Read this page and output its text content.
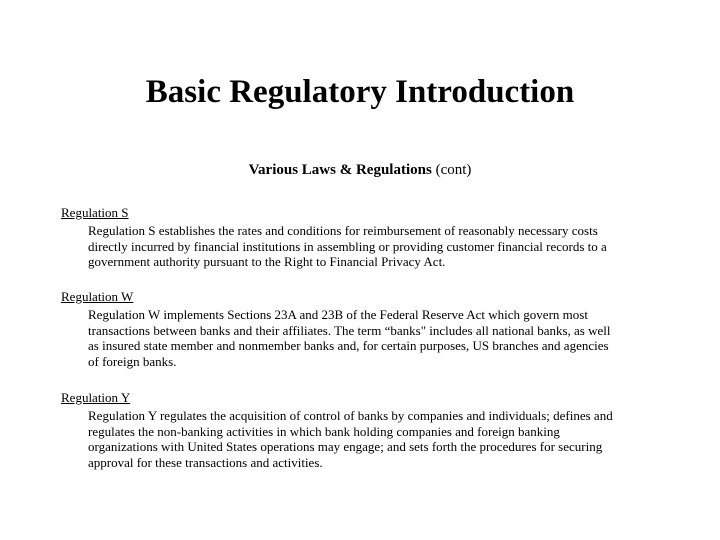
Basic Regulatory Introduction
Various Laws & Regulations (cont)
Regulation S
Regulation S establishes the rates and conditions for reimbursement of reasonably necessary costs
directly incurred by financial institutions in assembling or providing customer financial records to a
government authority pursuant to the Right to Financial Privacy Act.
Regulation W
Regulation W implements Sections 23A and 23B of the Federal Reserve Act which govern most
transactions between banks and their affiliates. The term “banks" includes all national banks, as well
as insured state member and nonmember banks and, for certain purposes, US branches and agencies
of foreign banks.
Regulation Y
Regulation Y regulates the acquisition of control of banks by companies and individuals; defines and
regulates the non-banking activities in which bank holding companies and foreign banking
organizations with United States operations may engage; and sets forth the procedures for securing
approval for these transactions and activities.
